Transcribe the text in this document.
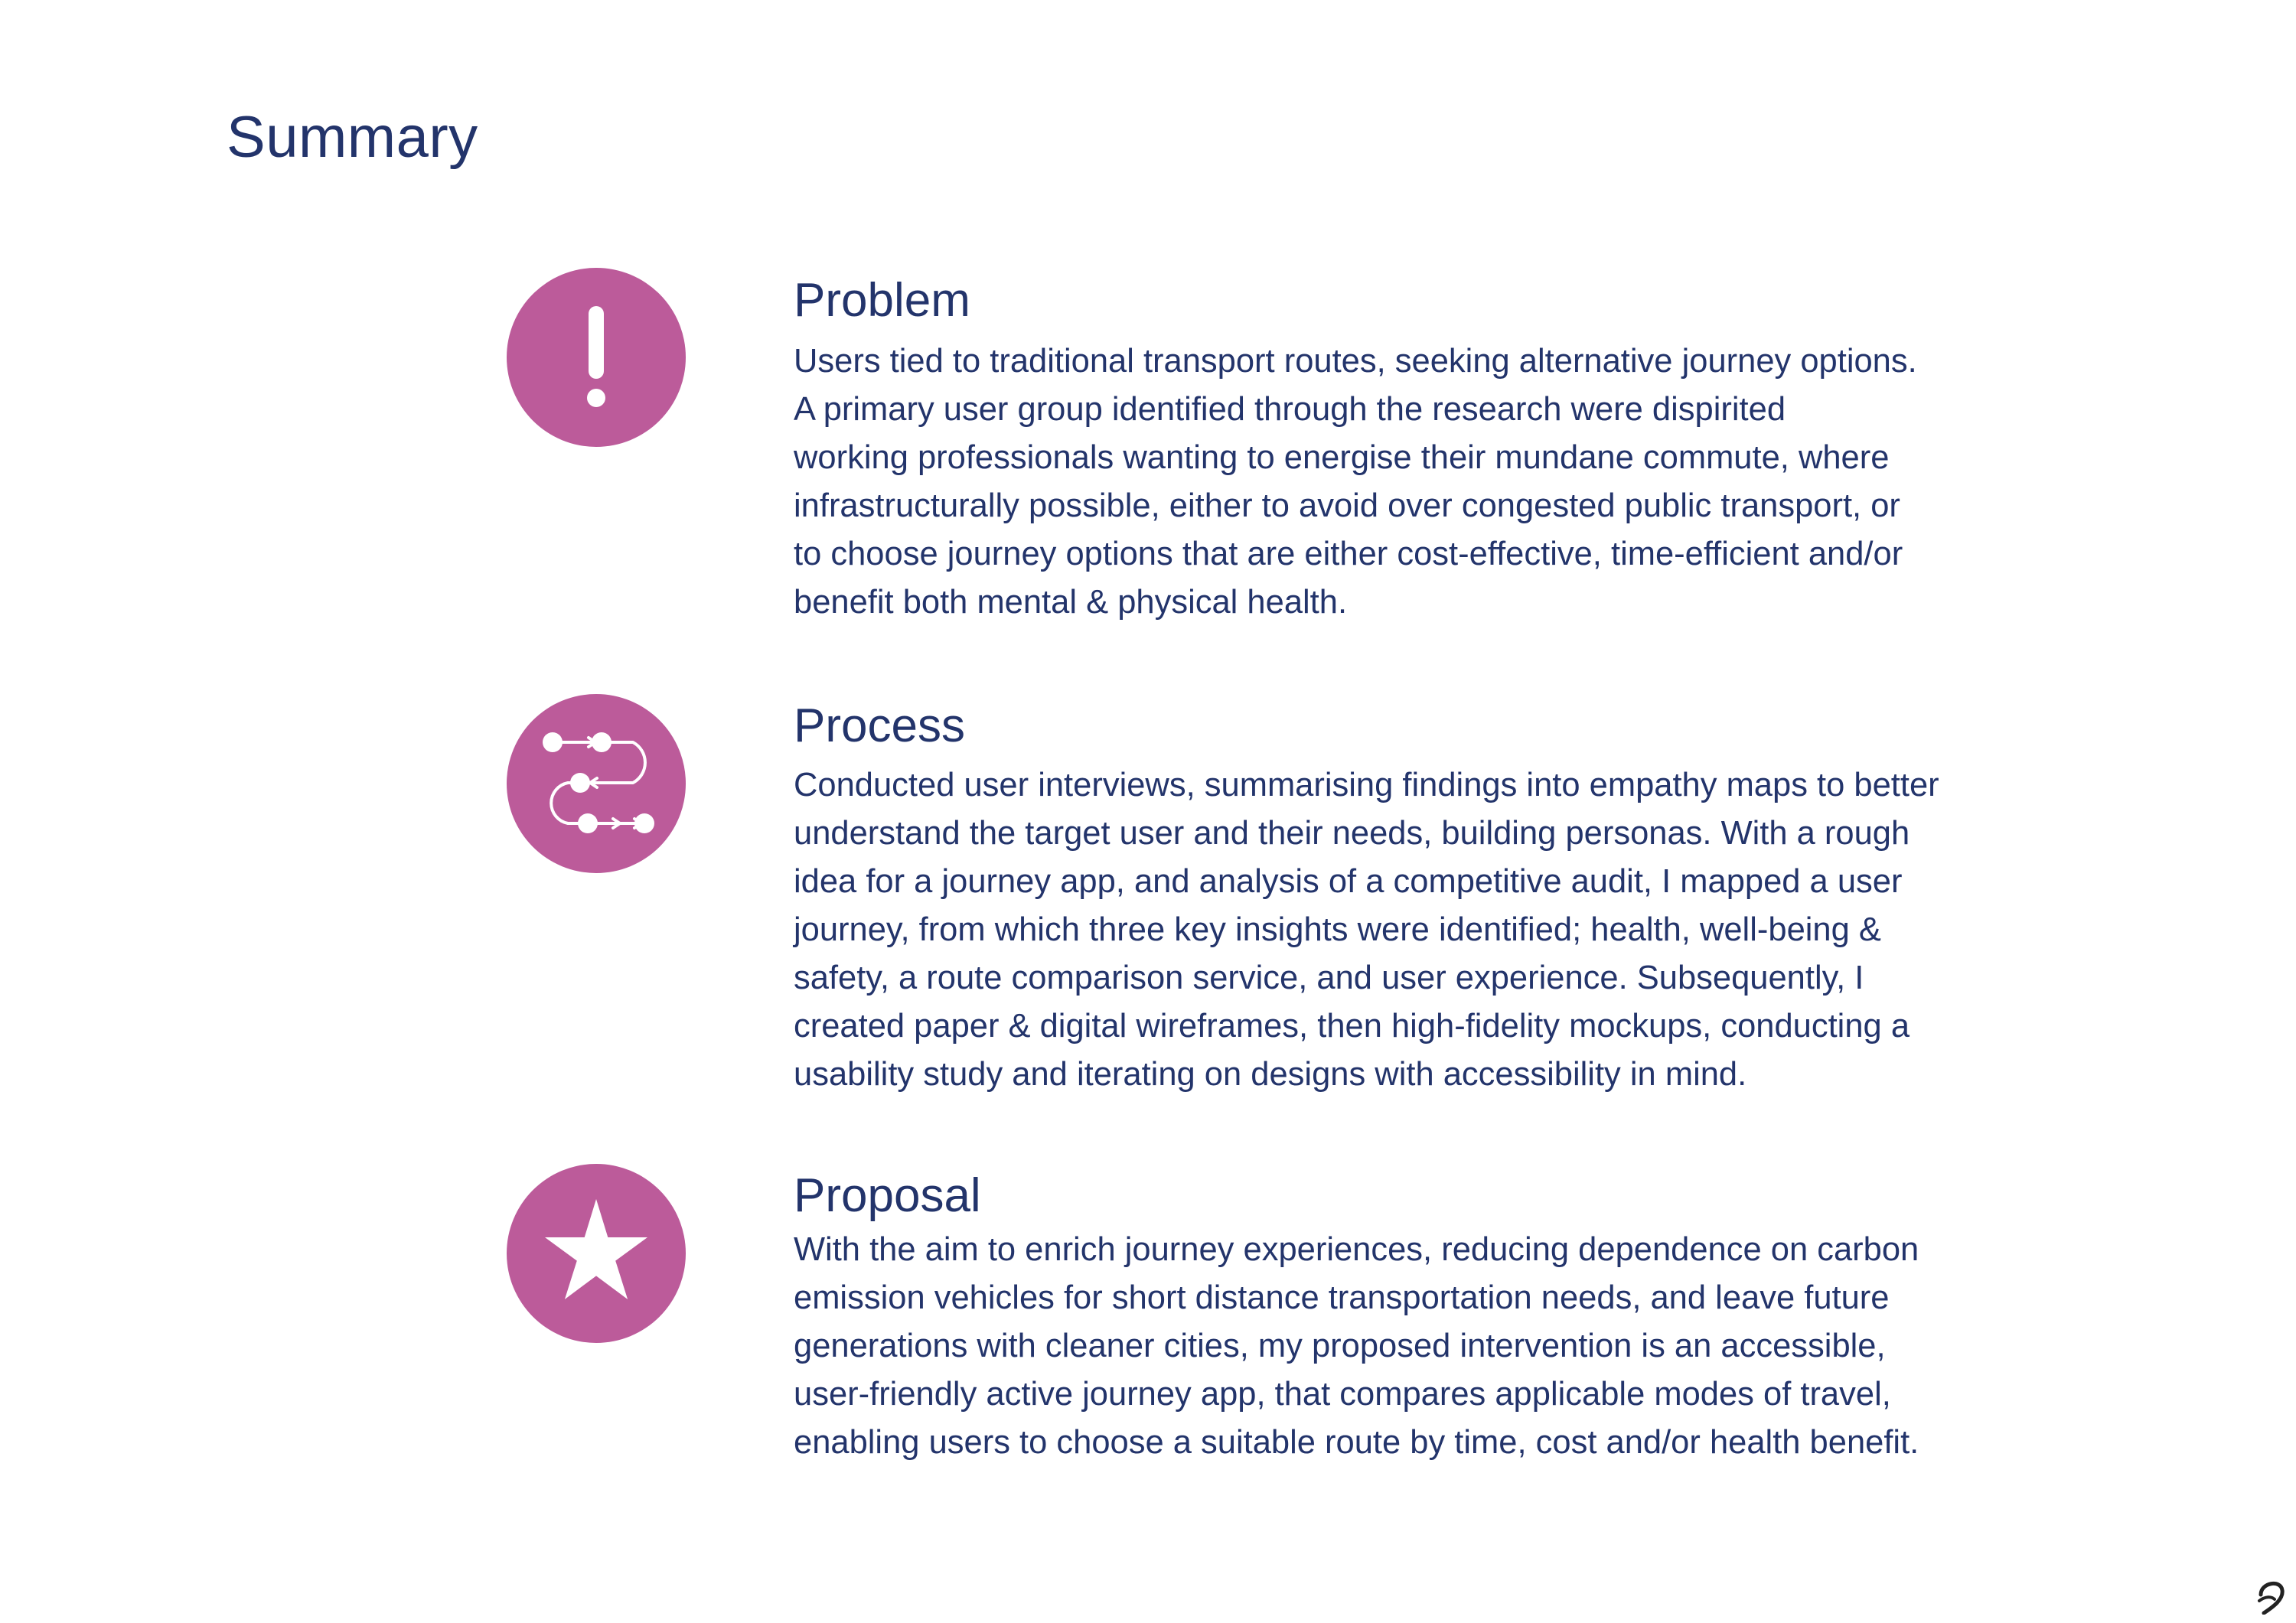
Summary
Problem

Users tied to traditional transport routes, seeking alternative journey options.
A primary user group identified through the research were dispirited
working professionals wanting to energise their mundane commute, where
infrastructurally possible, either to avoid over congested public transport, or
to choose journey options that are either cost-effective, time-efficient and/or
benefit both mental & physical health.

Process

Conducted user interviews, summarising findings into empathy maps to better
understand the target user and their needs, building personas. With a rough
idea for a journey app, and analysis of a competitive audit, I mapped a user
journey, from which three key insights were identified; health, well-being &
safety, a route comparison service, and user experience. Subsequently, I
created paper & digital wireframes, then high-fidelity mockups, conducting a
usability study and iterating on designs with accessibility in mind.

Proposal

With the aim to enrich journey experiences, reducing dependence on carbon
emission vehicles for short distance transportation needs, and leave future
generations with cleaner cities, my proposed intervention is an accessible,
user-friendly active journey app, that compares applicable modes of travel,
enabling users to choose a suitable route by time, cost and/or health benefit.
